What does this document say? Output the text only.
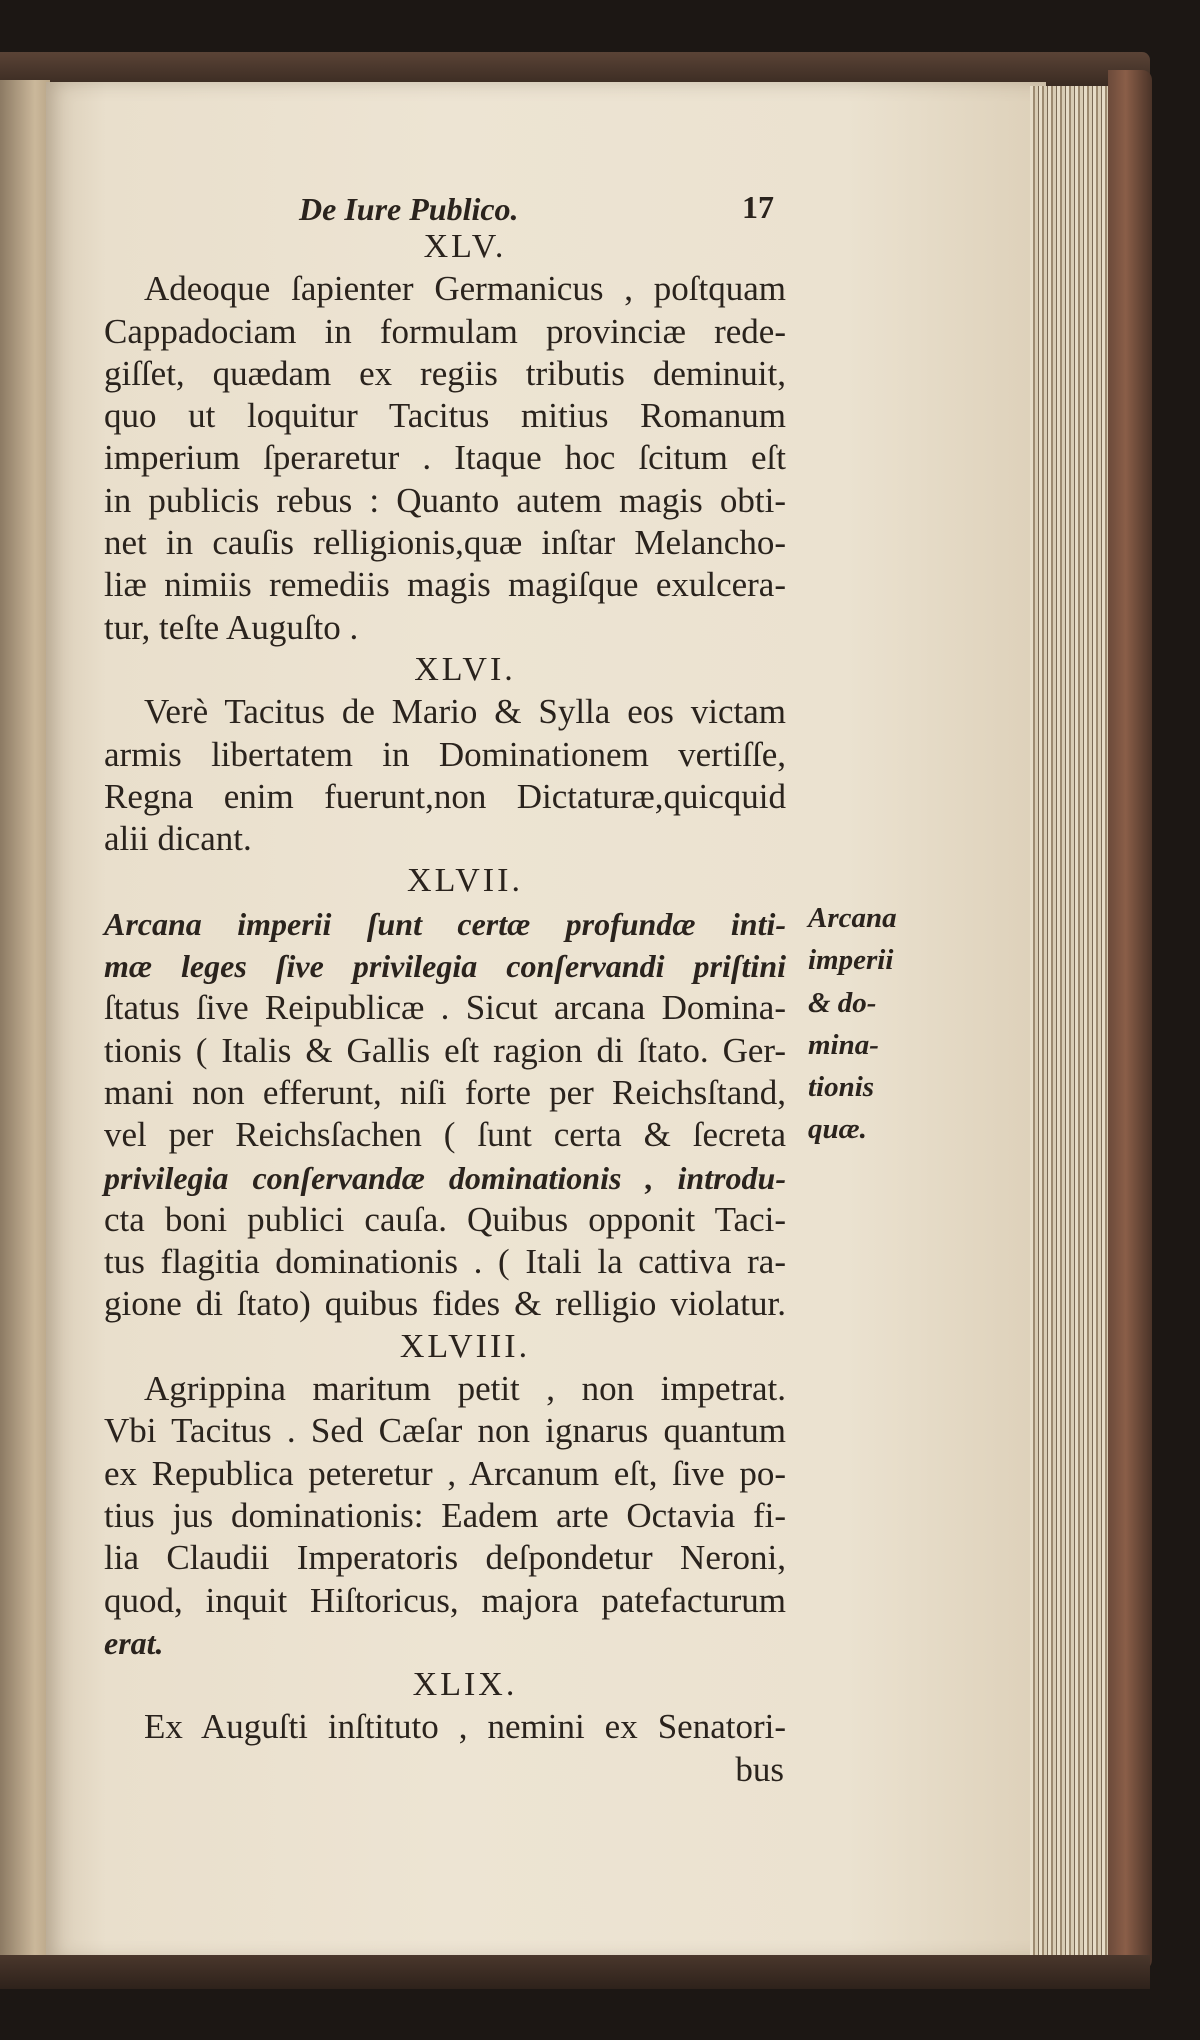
De Iure Publico.	17
XLV.
Adeoque ſapienter Germanicus , poſtquam
Cappadociam in formulam provinciæ rede-
giſſet, quædam ex regiis tributis deminuit,
quo ut loquitur Tacitus mitius Romanum
imperium ſperaretur . Itaque hoc ſcitum eſt
in publicis rebus : Quanto autem magis obti-
net in cauſis relligionis,quæ inſtar Melancho-
liæ nimiis remediis magis magiſque exulcera-
tur, teſte Auguſto .
XLVI.
Verè Tacitus de Mario & Sylla eos victam
armis libertatem in Dominationem vertiſſe,
Regna enim fuerunt,non Dictaturæ,quicquid
alii dicant.
XLVII.
Arcana imperii ſunt certæ profundæ inti-
mæ leges ſive privilegia conſervandi priſtini
ſtatus ſive Reipublicæ . Sicut arcana Domina-
tionis ( Italis & Gallis eſt ragion di ſtato. Ger-
mani non efferunt, niſi forte per Reichsſtand,
vel per Reichsſachen ( ſunt certa & ſecreta
privilegia conſervandæ dominationis , introdu-
cta boni publici cauſa. Quibus opponit Taci-
tus flagitia dominationis . ( Itali la cattiva ra-
gione di ſtato) quibus fides & relligio violatur.
XLVIII.
Agrippina maritum petit , non impetrat.
Vbi Tacitus . Sed Cæſar non ignarus quantum
ex Republica peteretur , Arcanum eſt, ſive po-
tius jus dominationis: Eadem arte Octavia fi-
lia Claudii Imperatoris deſpondetur Neroni,
quod, inquit Hiſtoricus, majora patefacturum
erat.
XLIX.
Ex Auguſti inſtituto , nemini ex Senatori-
bus
Arcana
imperii
& do-
mina-
tionis
quæ.
